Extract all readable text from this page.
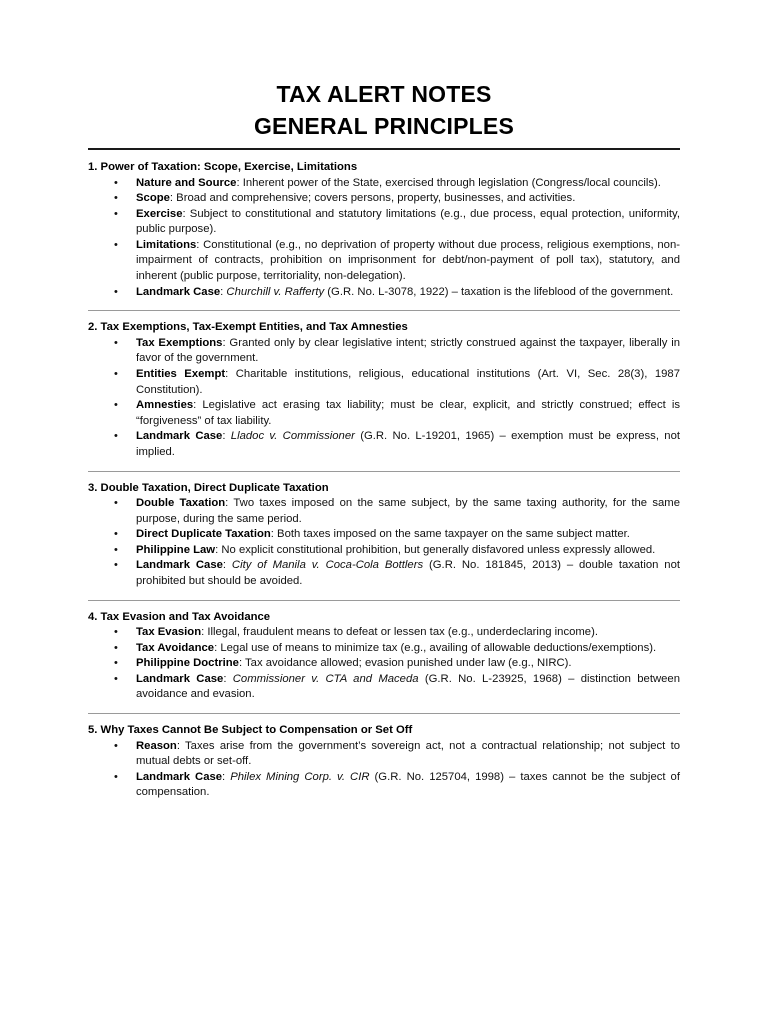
TAX ALERT NOTES
GENERAL PRINCIPLES
1. Power of Taxation: Scope, Exercise, Limitations
• Nature and Source: Inherent power of the State, exercised through legislation (Congress/local councils).
• Scope: Broad and comprehensive; covers persons, property, businesses, and activities.
• Exercise: Subject to constitutional and statutory limitations (e.g., due process, equal protection, uniformity, public purpose).
• Limitations: Constitutional (e.g., no deprivation of property without due process, religious exemptions, non-impairment of contracts, prohibition on imprisonment for debt/non-payment of poll tax), statutory, and inherent (public purpose, territoriality, non-delegation).
• Landmark Case: Churchill v. Rafferty (G.R. No. L-3078, 1922) – taxation is the lifeblood of the government.
2. Tax Exemptions, Tax-Exempt Entities, and Tax Amnesties
• Tax Exemptions: Granted only by clear legislative intent; strictly construed against the taxpayer, liberally in favor of the government.
• Entities Exempt: Charitable institutions, religious, educational institutions (Art. VI, Sec. 28(3), 1987 Constitution).
• Amnesties: Legislative act erasing tax liability; must be clear, explicit, and strictly construed; effect is “forgiveness” of tax liability.
• Landmark Case: Lladoc v. Commissioner (G.R. No. L-19201, 1965) – exemption must be express, not implied.
3. Double Taxation, Direct Duplicate Taxation
• Double Taxation: Two taxes imposed on the same subject, by the same taxing authority, for the same purpose, during the same period.
• Direct Duplicate Taxation: Both taxes imposed on the same taxpayer on the same subject matter.
• Philippine Law: No explicit constitutional prohibition, but generally disfavored unless expressly allowed.
• Landmark Case: City of Manila v. Coca-Cola Bottlers (G.R. No. 181845, 2013) – double taxation not prohibited but should be avoided.
4. Tax Evasion and Tax Avoidance
• Tax Evasion: Illegal, fraudulent means to defeat or lessen tax (e.g., underdeclaring income).
• Tax Avoidance: Legal use of means to minimize tax (e.g., availing of allowable deductions/exemptions).
• Philippine Doctrine: Tax avoidance allowed; evasion punished under law (e.g., NIRC).
• Landmark Case: Commissioner v. CTA and Maceda (G.R. No. L-23925, 1968) – distinction between avoidance and evasion.
5. Why Taxes Cannot Be Subject to Compensation or Set Off
• Reason: Taxes arise from the government’s sovereign act, not a contractual relationship; not subject to mutual debts or set-off.
• Landmark Case: Philex Mining Corp. v. CIR (G.R. No. 125704, 1998) – taxes cannot be the subject of compensation.
